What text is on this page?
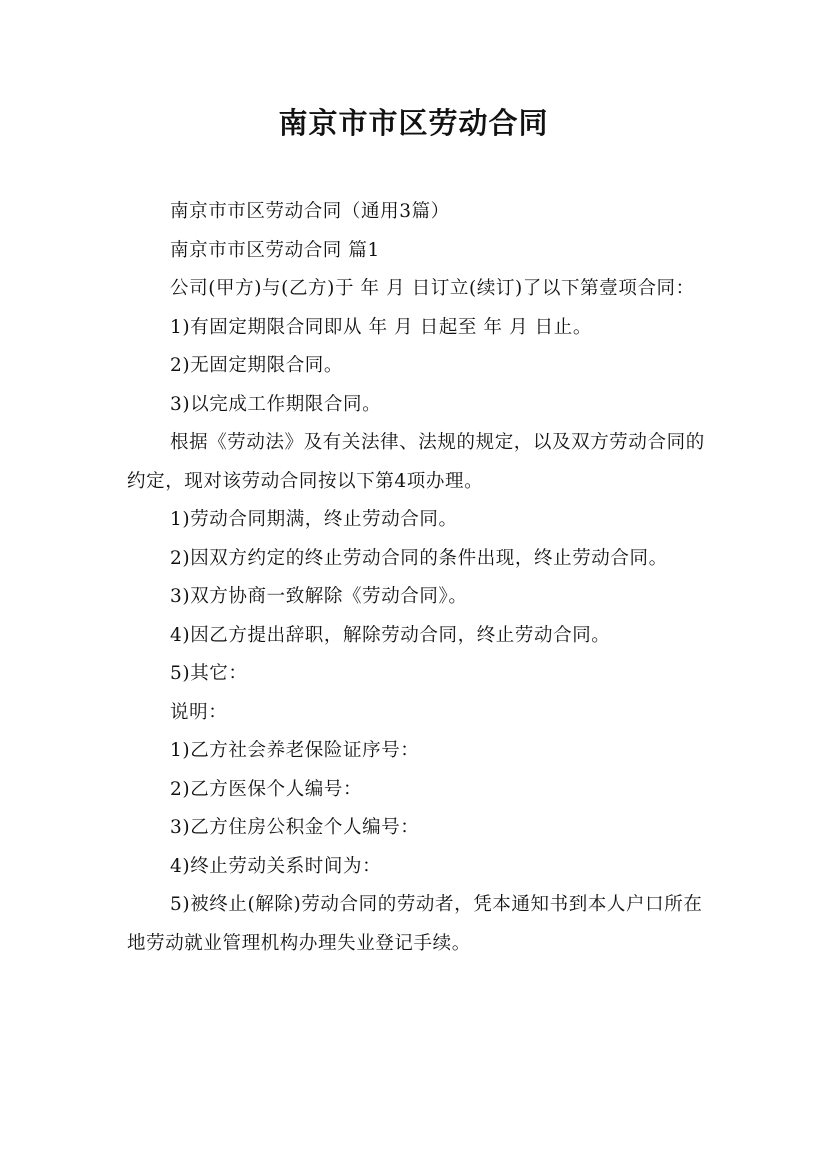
南京市市区劳动合同

南京市市区劳动合同（通用3篇）

南京市市区劳动合同 篇1

公司(甲方)与(乙方)于 年 月 日订立(续订)了以下第壹项合同：

1)有固定期限合同即从 年 月 日起至 年 月 日止。

2)无固定期限合同。

3)以完成工作期限合同。

根据《劳动法》及有关法律、法规的规定，以及双方劳动合同的约定，现对该劳动合同按以下第4项办理。

1)劳动合同期满，终止劳动合同。

2)因双方约定的终止劳动合同的条件出现，终止劳动合同。

3)双方协商一致解除《劳动合同》。

4)因乙方提出辞职，解除劳动合同，终止劳动合同。

5)其它：

说明：

1)乙方社会养老保险证序号：

2)乙方医保个人编号：

3)乙方住房公积金个人编号：

4)终止劳动关系时间为：

5)被终止(解除)劳动合同的劳动者，凭本通知书到本人户口所在地劳动就业管理机构办理失业登记手续。
